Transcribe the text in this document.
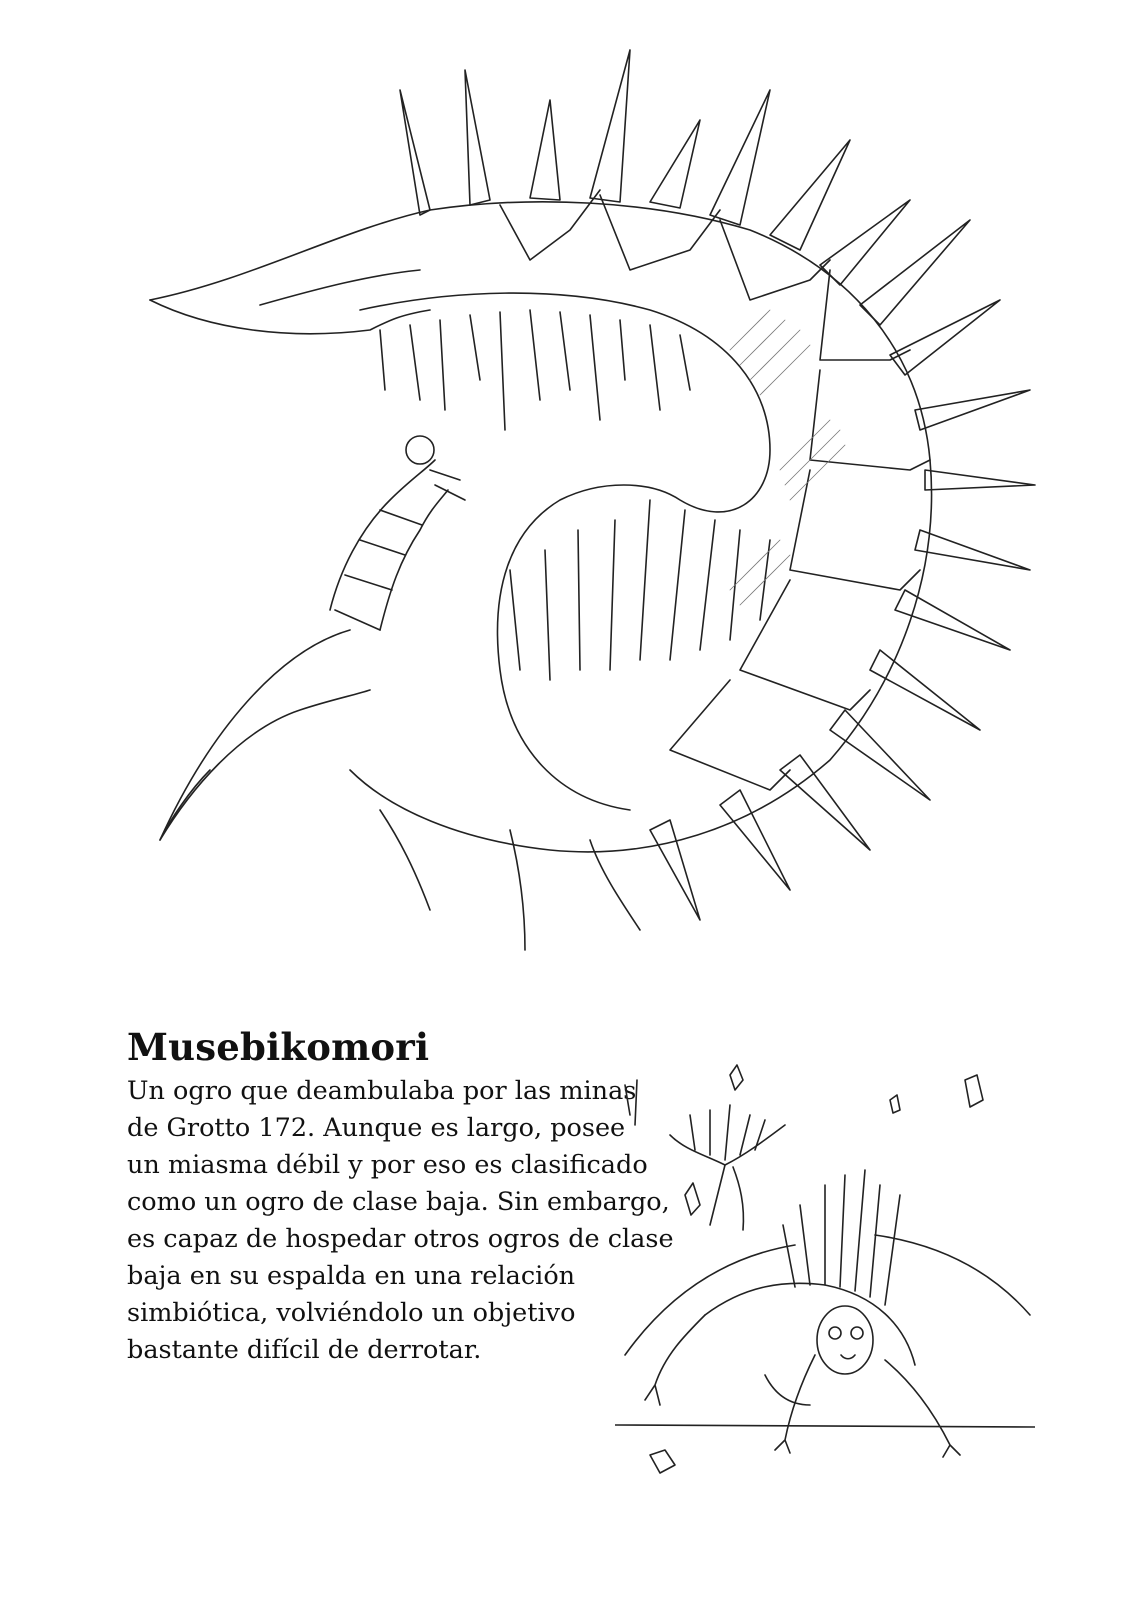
Musebikomori

Un ogro que deambulaba por las minas
de Grotto 172. Aunque es largo, posee
un miasma débil y por eso es clasificado
como un ogro de clase baja. Sin embargo,
es capaz de hospedar otros ogros de clase
baja en su espalda en una relación
simbiótica, volviéndolo un objetivo
bastante difícil de derrotar.
